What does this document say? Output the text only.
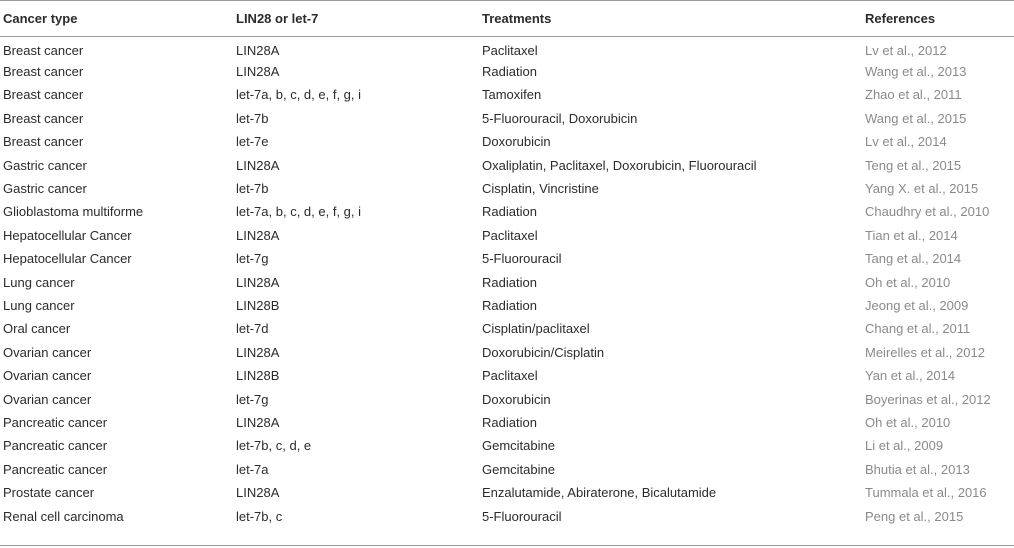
Cancer type	LIN28 or let-7	Treatments	References
Breast cancer	LIN28A	Paclitaxel	Lv et al., 2012
Breast cancer	LIN28A	Radiation	Wang et al., 2013
Breast cancer	let-7a, b, c, d, e, f, g, i	Tamoxifen	Zhao et al., 2011
Breast cancer	let-7b	5-Fluorouracil, Doxorubicin	Wang et al., 2015
Breast cancer	let-7e	Doxorubicin	Lv et al., 2014
Gastric cancer	LIN28A	Oxaliplatin, Paclitaxel, Doxorubicin, Fluorouracil	Teng et al., 2015
Gastric cancer	let-7b	Cisplatin, Vincristine	Yang X. et al., 2015
Glioblastoma multiforme	let-7a, b, c, d, e, f, g, i	Radiation	Chaudhry et al., 2010
Hepatocellular Cancer	LIN28A	Paclitaxel	Tian et al., 2014
Hepatocellular Cancer	let-7g	5-Fluorouracil	Tang et al., 2014
Lung cancer	LIN28A	Radiation	Oh et al., 2010
Lung cancer	LIN28B	Radiation	Jeong et al., 2009
Oral cancer	let-7d	Cisplatin/paclitaxel	Chang et al., 2011
Ovarian cancer	LIN28A	Doxorubicin/Cisplatin	Meirelles et al., 2012
Ovarian cancer	LIN28B	Paclitaxel	Yan et al., 2014
Ovarian cancer	let-7g	Doxorubicin	Boyerinas et al., 2012
Pancreatic cancer	LIN28A	Radiation	Oh et al., 2010
Pancreatic cancer	let-7b, c, d, e	Gemcitabine	Li et al., 2009
Pancreatic cancer	let-7a	Gemcitabine	Bhutia et al., 2013
Prostate cancer	LIN28A	Enzalutamide, Abiraterone, Bicalutamide	Tummala et al., 2016
Renal cell carcinoma	let-7b, c	5-Fluorouracil	Peng et al., 2015
